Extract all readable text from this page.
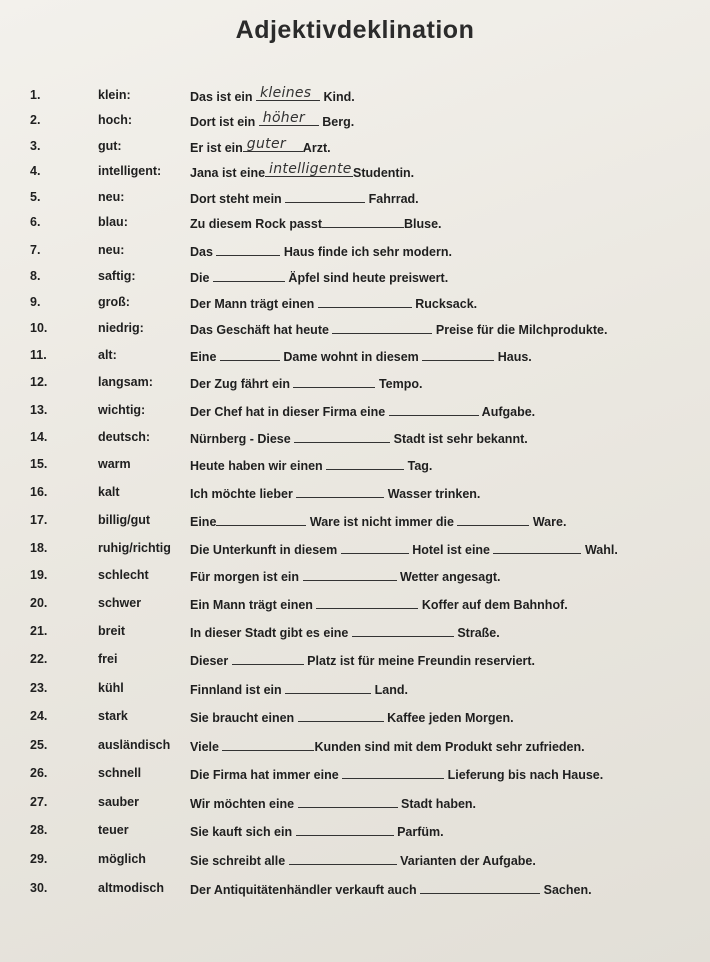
Adjektivdeklination
1.	klein:	Das ist ein kleines Kind.
2.	hoch:	Dort ist ein höher Berg.
3.	gut:	Er ist ein guter Arzt.
4.	intelligent: Jana ist eine intelligente Studentin.
5.	neu:	Dort steht mein	Fahrrad.
6.	blau:	Zu diesem Rock passt	Bluse.
7.	neu:	Das	Haus finde ich sehr modern.
8.	saftig:	Die	Äpfel sind heute preiswert.
9.	groß:	Der Mann trägt einen	Rucksack.
10.	niedrig:	Das Geschäft hat heute	Preise für die Milchprodukte.
11.	alt:	Eine	Dame wohnt in diesem	Haus.
12.	langsam:	Der Zug fährt ein	Tempo.
13.	wichtig:	Der Chef hat in dieser Firma eine	Aufgabe.
14.	deutsch:	Nürnberg - Diese	Stadt ist sehr bekannt.
15.	warm	Heute haben wir einen	Tag.
16.	kalt	Ich möchte lieber	Wasser trinken.
17.	billig/gut	Eine	Ware ist nicht immer die	Ware.
18.	ruhig/richtig Die Unterkunft in diesem	Hotel ist eine	Wahl.
19.	schlecht	Für morgen ist ein	Wetter angesagt.
20.	schwer	Ein Mann trägt einen	Koffer auf dem Bahnhof.
21.	breit	In dieser Stadt gibt es eine	Straße.
22.	frei	Dieser	Platz ist für meine Freundin reserviert.
23.	kühl	Finnland ist ein	Land.
24.	stark	Sie braucht einen	Kaffee jeden Morgen.
25.	ausländisch Viele	Kunden sind mit dem Produkt sehr zufrieden.
26.	schnell	Die Firma hat immer eine	Lieferung bis nach Hause.
27.	sauber	Wir möchten eine	Stadt haben.
28.	teuer	Sie kauft sich ein	Parfüm.
29.	möglich	Sie schreibt alle	Varianten der Aufgabe.
30.	altmodisch Der Antiquitätenhändler verkauft auch	Sachen.
